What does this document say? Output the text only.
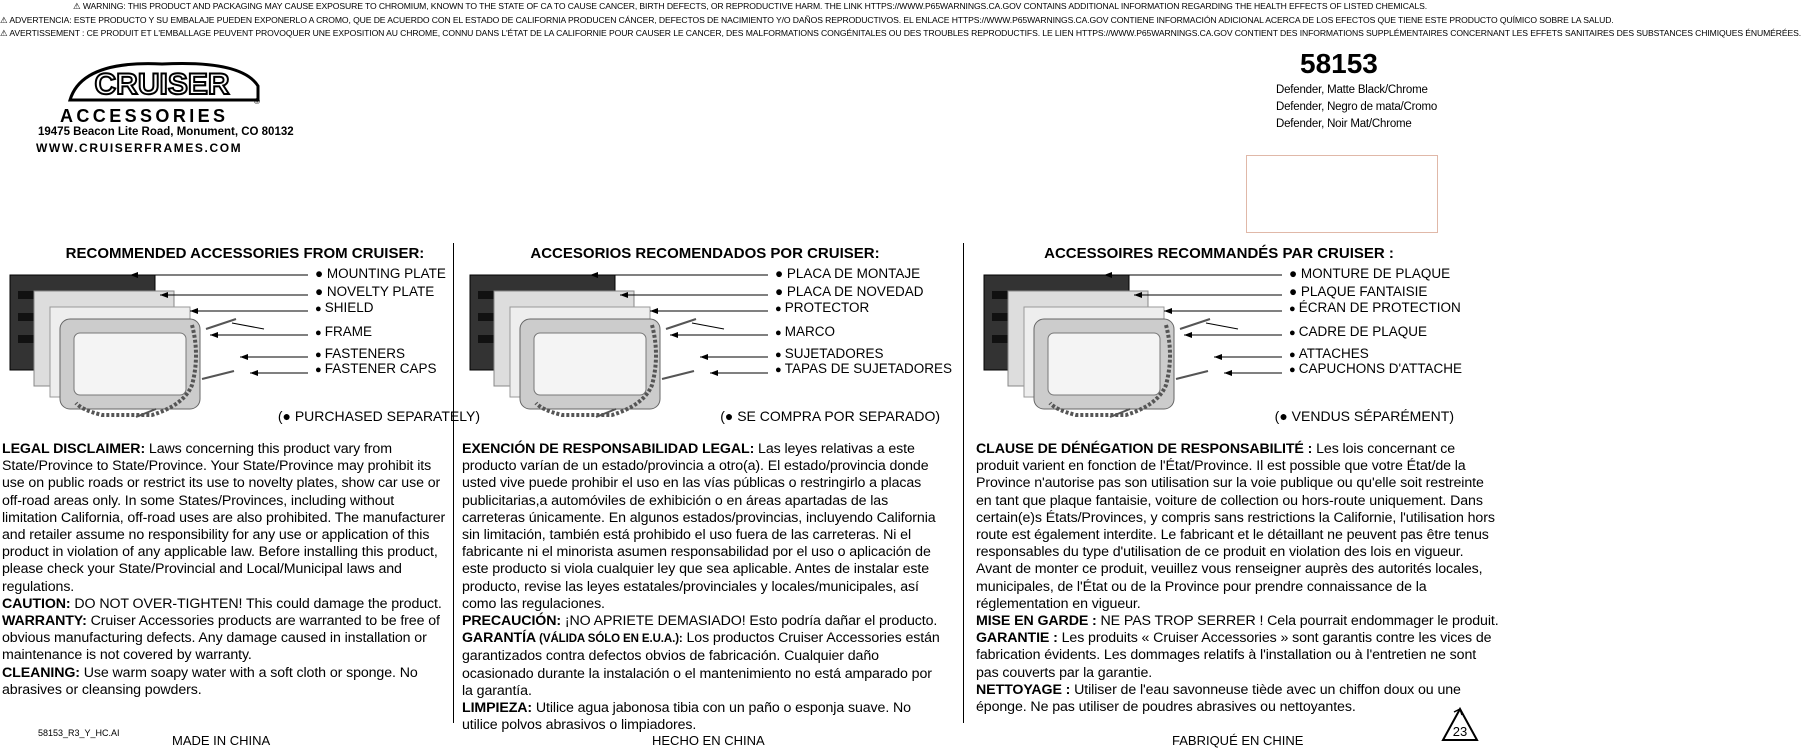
⚠ WARNING: THIS PRODUCT AND PACKAGING MAY CAUSE EXPOSURE TO CHROMIUM, KNOWN TO THE STATE OF CA TO CAUSE CANCER, BIRTH DEFECTS, OR REPRODUCTIVE HARM. THE LINK HTTPS://WWW.P65WARNINGS.CA.GOV CONTAINS ADDITIONAL INFORMATION REGARDING THE HEALTH EFFECTS OF LISTED CHEMICALS.
⚠ ADVERTENCIA: ESTE PRODUCTO Y SU EMBALAJE PUEDEN EXPONERLO A CROMO, QUE DE ACUERDO CON EL ESTADO DE CALIFORNIA PRODUCEN CÁNCER, DEFECTOS DE NACIMIENTO Y/O DAÑOS REPRODUCTIVOS. EL ENLACE HTTPS://WWW.P65WARNINGS.CA.GOV CONTIENE INFORMACIÓN ADICIONAL ACERCA DE LOS EFECTOS QUE TIENE ESTE PRODUCTO QUÍMICO SOBRE LA SALUD.
⚠ AVERTISSEMENT : CE PRODUIT ET L'EMBALLAGE PEUVENT PROVOQUER UNE EXPOSITION AU CHROME, CONNU DANS L'ÉTAT DE LA CALIFORNIE POUR CAUSER LE CANCER, DES MALFORMATIONS CONGÉNITALES OU DES TROUBLES REPRODUCTIFS. LE LIEN HTTPS://WWW.P65WARNINGS.CA.GOV CONTIENT DES INFORMATIONS SUPPLÉMENTAIRES CONCERNANT LES EFFETS SANITAIRES DES SUBSTANCES CHIMIQUES ÉNUMÉRÉES.
CRUISER
®
ACCESSORIES
19475 Beacon Lite Road, Monument, CO 80132
WWW.CRUISERFRAMES.COM
58153
Defender, Matte Black/Chrome
Defender, Negro de mata/Cromo
Defender, Noir Mat/Chrome
RECOMMENDED ACCESSORIES FROM CRUISER:
● MOUNTING PLATE
● NOVELTY PLATE
● SHIELD
● FRAME
● FASTENERS
● FASTENER CAPS
(● PURCHASED SEPARATELY)
LEGAL DISCLAIMER: Laws concerning this product vary from State/Province to State/Province. Your State/Province may prohibit its use on public roads or restrict its use to novelty plates, show car use or off-road areas only. In some States/Provinces, including without limitation California, off-road uses are also prohibited. The manufacturer and retailer assume no responsibility for any use or application of this product in violation of any applicable law. Before installing this product, please check your State/Provincial and Local/Municipal laws and regulations.
CAUTION: DO NOT OVER-TIGHTEN! This could damage the product.
WARRANTY: Cruiser Accessories products are warranted to be free of obvious manufacturing defects. Any damage caused in installation or maintenance is not covered by warranty.
CLEANING: Use warm soapy water with a soft cloth or sponge. No abrasives or cleansing powders.
ACCESORIOS RECOMENDADOS POR CRUISER:
● PLACA DE MONTAJE
● PLACA DE NOVEDAD
● PROTECTOR
● MARCO
● SUJETADORES
● TAPAS DE SUJETADORES
(● SE COMPRA POR SEPARADO)
EXENCIÓN DE RESPONSABILIDAD LEGAL: Las leyes relativas a este producto varían de un estado/provincia a otro(a). El estado/provincia donde usted vive puede prohibir el uso en las vías públicas o restringirlo a placas publicitarias,a automóviles de exhibición o en áreas apartadas de las carreteras únicamente. En algunos estados/provincias, incluyendo California sin limitación, también está prohibido el uso fuera de las carreteras. Ni el fabricante ni el minorista asumen responsabilidad por el uso o aplicación de este producto si viola cualquier ley que sea aplicable. Antes de instalar este producto, revise las leyes estatales/provinciales y locales/municipales, así como las regulaciones.
PRECAUCIÓN: ¡NO APRIETE DEMASIADO! Esto podría dañar el producto.
GARANTÍA (VÁLIDA SÓLO EN E.U.A.): Los productos Cruiser Accessories están garantizados contra defectos obvios de fabricación. Cualquier daño ocasionado durante la instalación o el mantenimiento no está amparado por la garantía.
LIMPIEZA: Utilice agua jabonosa tibia con un paño o esponja suave. No utilice polvos abrasivos o limpiadores.
ACCESSOIRES RECOMMANDÉS PAR CRUISER :
● MONTURE DE PLAQUE
● PLAQUE FANTAISIE
● ÉCRAN DE PROTECTION
● CADRE DE PLAQUE
● ATTACHES
● CAPUCHONS D'ATTACHE
(● VENDUS SÉPARÉMENT)
CLAUSE DE DÉNÉGATION DE RESPONSABILITÉ : Les lois concernant ce produit varient en fonction de l'État/Province. Il est possible que votre État/de la Province n'autorise pas son utilisation sur la voie publique ou qu'elle soit restreinte en tant que plaque fantaisie, voiture de collection ou hors-route uniquement. Dans certain(e)s États/Provinces, y compris sans restrictions la Californie, l'utilisation hors route est également interdite. Le fabricant et le détaillant ne peuvent pas être tenus responsables du type d'utilisation de ce produit en violation des lois en vigueur. Avant de monter ce produit, veuillez vous renseigner auprès des autorités locales, municipales, de l'État ou de la Province pour prendre connaissance de la réglementation en vigueur.
MISE EN GARDE : NE PAS TROP SERRER ! Cela pourrait endommager le produit.
GARANTIE : Les produits « Cruiser Accessories » sont garantis contre les vices de fabrication évidents. Les dommages relatifs à l'installation ou à l'entretien ne sont pas couverts par la garantie.
NETTOYAGE : Utiliser de l'eau savonneuse tiède avec un chiffon doux ou une éponge. Ne pas utiliser de poudres abrasives ou nettoyantes.
58153_R3_Y_HC.AI	MADE IN CHINA	HECHO EN CHINA	FABRIQUÉ EN CHINE
23
